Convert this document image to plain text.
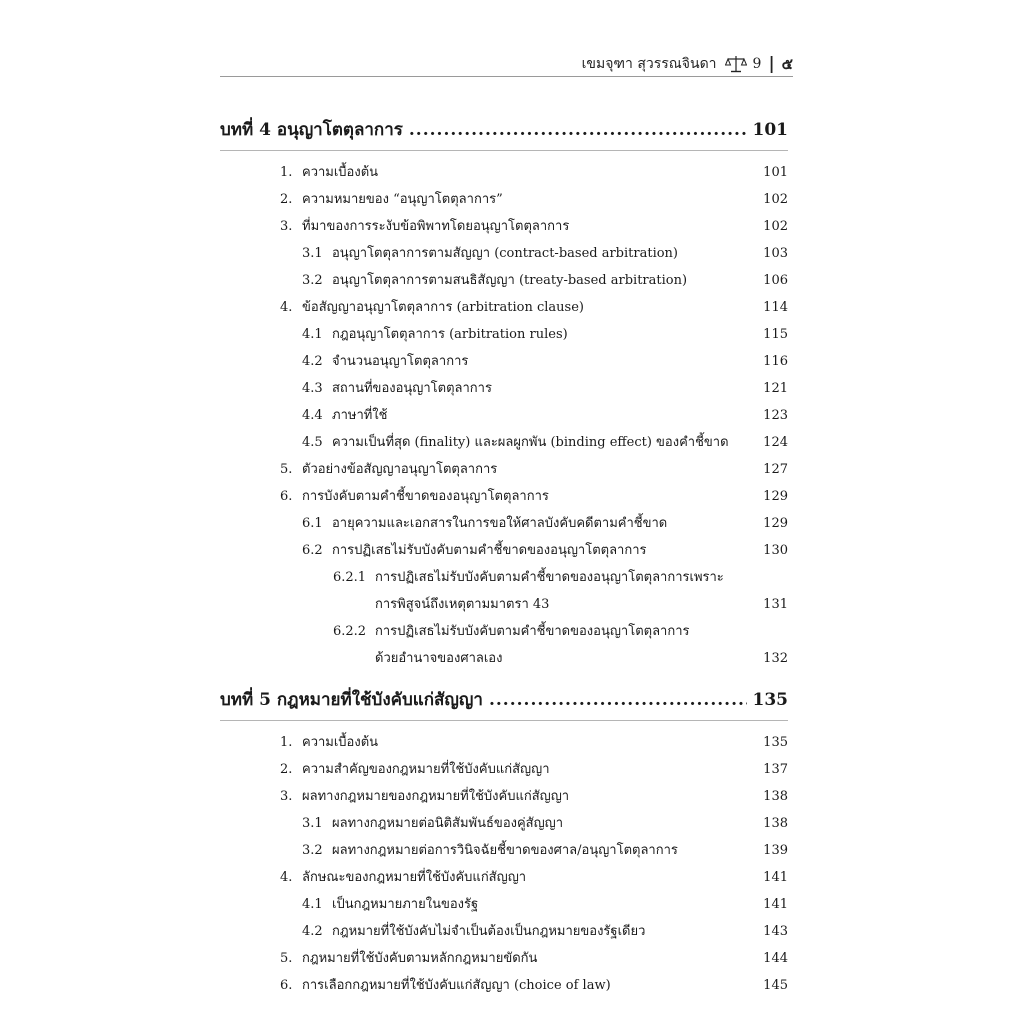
เขมจุฑา สุวรรณจินดา	9 | ๕
บทที่ 4 อนุญาโตตุลาการ .....	101
1. ความเบื้องต้น	101
2. ความหมายของ “อนุญาโตตุลาการ”	102
3. ที่มาของการระงับข้อพิพาทโดยอนุญาโตตุลาการ	102
3.1 อนุญาโตตุลาการตามสัญญา (contract-based arbitration)	103
3.2 อนุญาโตตุลาการตามสนธิสัญญา (treaty-based arbitration)	106
4. ข้อสัญญาอนุญาโตตุลาการ (arbitration clause)	114
4.1 กฎอนุญาโตตุลาการ (arbitration rules)	115
4.2 จำนวนอนุญาโตตุลาการ	116
4.3 สถานที่ของอนุญาโตตุลาการ	121
4.4 ภาษาที่ใช้	123
4.5 ความเป็นที่สุด (finality) และผลผูกพัน (binding effect) ของคำชี้ขาด	124
5. ตัวอย่างข้อสัญญาอนุญาโตตุลาการ	127
6. การบังคับตามคำชี้ขาดของอนุญาโตตุลาการ	129
6.1 อายุความและเอกสารในการขอให้ศาลบังคับคดีตามคำชี้ขาด	129
6.2 การปฏิเสธไม่รับบังคับตามคำชี้ขาดของอนุญาโตตุลาการ	130
6.2.1 การปฏิเสธไม่รับบังคับตามคำชี้ขาดของอนุญาโตตุลาการเพราะ
การพิสูจน์ถึงเหตุตามมาตรา 43	131
6.2.2 การปฏิเสธไม่รับบังคับตามคำชี้ขาดของอนุญาโตตุลาการ
ด้วยอำนาจของศาลเอง	132
บทที่ 5 กฎหมายที่ใช้บังคับแก่สัญญา .....	135
1. ความเบื้องต้น	135
2. ความสำคัญของกฎหมายที่ใช้บังคับแก่สัญญา	137
3. ผลทางกฎหมายของกฎหมายที่ใช้บังคับแก่สัญญา	138
3.1 ผลทางกฎหมายต่อนิติสัมพันธ์ของคู่สัญญา	138
3.2 ผลทางกฎหมายต่อการวินิจฉัยชี้ขาดของศาล/อนุญาโตตุลาการ	139
4. ลักษณะของกฎหมายที่ใช้บังคับแก่สัญญา	141
4.1 เป็นกฎหมายภายในของรัฐ	141
4.2 กฎหมายที่ใช้บังคับไม่จำเป็นต้องเป็นกฎหมายของรัฐเดียว	143
5. กฎหมายที่ใช้บังคับตามหลักกฎหมายขัดกัน	144
6. การเลือกกฎหมายที่ใช้บังคับแก่สัญญา (choice of law)	145
